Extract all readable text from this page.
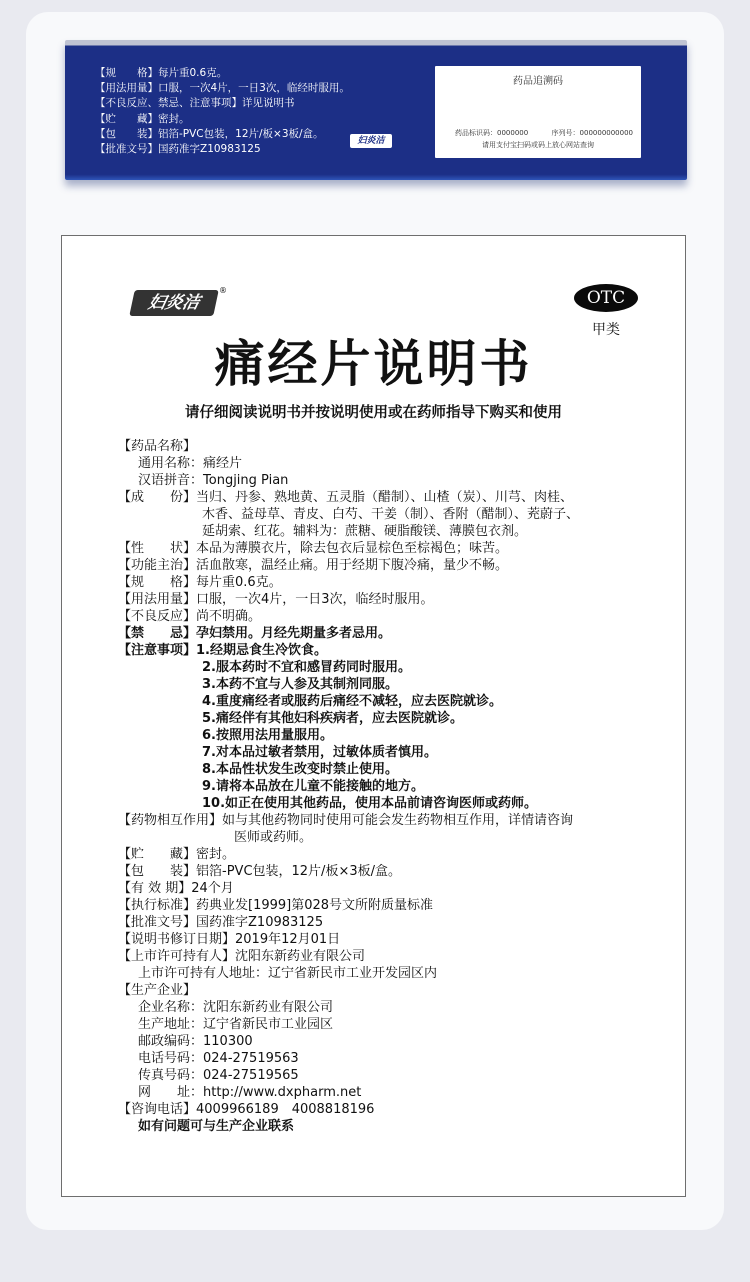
【规　　格】每片重0.6克。
【用法用量】口服，一次4片，一日3次，临经时服用。
【不良反应、禁忌、注意事项】详见说明书
【贮　　藏】密封。
【包　　装】铝箔-PVC包装，12片/板×3板/盒。
【批准文号】国药准字Z10983125
妇炎洁
药品追溯码
药品标识码：0000000	序列号：000000000000
请用支付宝扫码或码上放心网站查询
妇炎洁
®	OTC
甲类
痛经片说明书
请仔细阅读说明书并按说明使用或在药师指导下购买和使用
【药品名称】
通用名称：痛经片
汉语拼音：Tongjing Pian
【成　　份】当归、丹参、熟地黄、五灵脂（醋制）、山楂（炭）、川芎、肉桂、
木香、益母草、青皮、白芍、干姜（制）、香附（醋制）、茺蔚子、
延胡索、红花。辅料为：蔗糖、硬脂酸镁、薄膜包衣剂。
【性　　状】本品为薄膜衣片，除去包衣后显棕色至棕褐色；味苦。
【功能主治】活血散寒，温经止痛。用于经期下腹冷痛，量少不畅。
【规　　格】每片重0.6克。
【用法用量】口服，一次4片，一日3次，临经时服用。
【不良反应】尚不明确。
【禁　　忌】孕妇禁用。月经先期量多者忌用。
【注意事项】1.经期忌食生冷饮食。
2.服本药时不宜和感冒药同时服用。
3.本药不宜与人参及其制剂同服。
4.重度痛经者或服药后痛经不减轻，应去医院就诊。
5.痛经伴有其他妇科疾病者，应去医院就诊。
6.按照用法用量服用。
7.对本品过敏者禁用，过敏体质者慎用。
8.本品性状发生改变时禁止使用。
9.请将本品放在儿童不能接触的地方。
10.如正在使用其他药品，使用本品前请咨询医师或药师。
【药物相互作用】如与其他药物同时使用可能会发生药物相互作用，详情请咨询
医师或药师。
【贮　　藏】密封。
【包　　装】铝箔-PVC包装，12片/板×3板/盒。
【有 效 期】24个月
【执行标准】药典业发[1999]第028号文所附质量标准
【批准文号】国药准字Z10983125
【说明书修订日期】2019年12月01日
【上市许可持有人】沈阳东新药业有限公司
上市许可持有人地址：辽宁省新民市工业开发园区内
【生产企业】
企业名称：沈阳东新药业有限公司
生产地址：辽宁省新民市工业园区
邮政编码：110300
电话号码：024-27519563
传真号码：024-27519565
网　　址：http://www.dxpharm.net
【咨询电话】4009966189　4008818196
如有问题可与生产企业联系
